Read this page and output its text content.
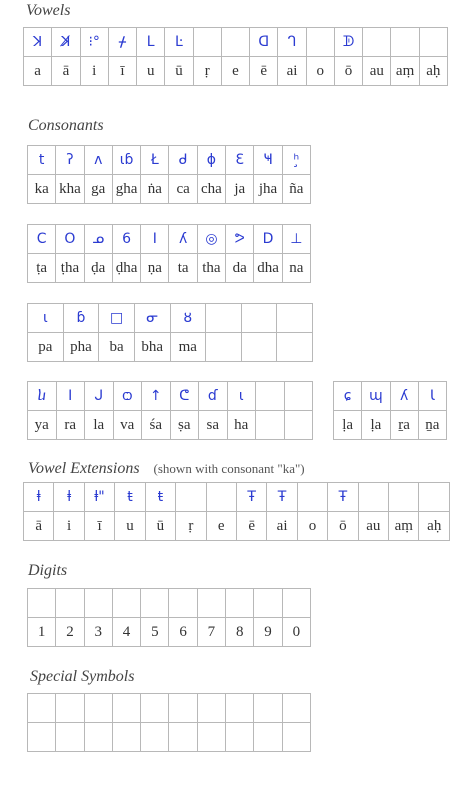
Vowels
ꓘ	ꓘ̸	⁝°	ᚋ	L	Ŀ			ᗡ	ᒉ		ᗫ			
a	ā	i	ī	u	ū	ṛ	e	ē	ai	o	ō	au	aṃ	aḥ
Consonants
t	ʔ	ʌ	ɩɓ	Ł	ᑯ	ɸ	Ɛ	Ҹ	ʰ̧
ka	kha	ga	gha	ṅa	ca	cha	ja	jha	ña
C	O	ᓄ	6	I	ʎ	◎	ᕗ	D	⊥
ṭa	ṭha	ḍa	ḍha	ṇa	ta	tha	da	dha	na
ɩ	ɓ	□	ᓂ	ȣ			
pa	pha	ba	bha	ma			
ⴑ	I	ᒍ	ѻ	↑	ᕦ	ɗ	ɩ		
ya	ra	la	va	śa	ṣa	sa	ha		
ɕ	ɰ	ʎ	Ɩ
ḷa	ḷa	ṟa	ṉa
Vowel Extensions (shown with consonant "ka")
ⱡ	ⱡ	ⱡ"	ŧ	ŧ			Ŧ	Ŧ		Ŧ			
ā	i	ī	u	ū	ṛ	e	ē	ai	o	ō	au	aṃ	aḥ
Digits

1	2	3	4	5	6	7	8	9	0
Special Symbols
